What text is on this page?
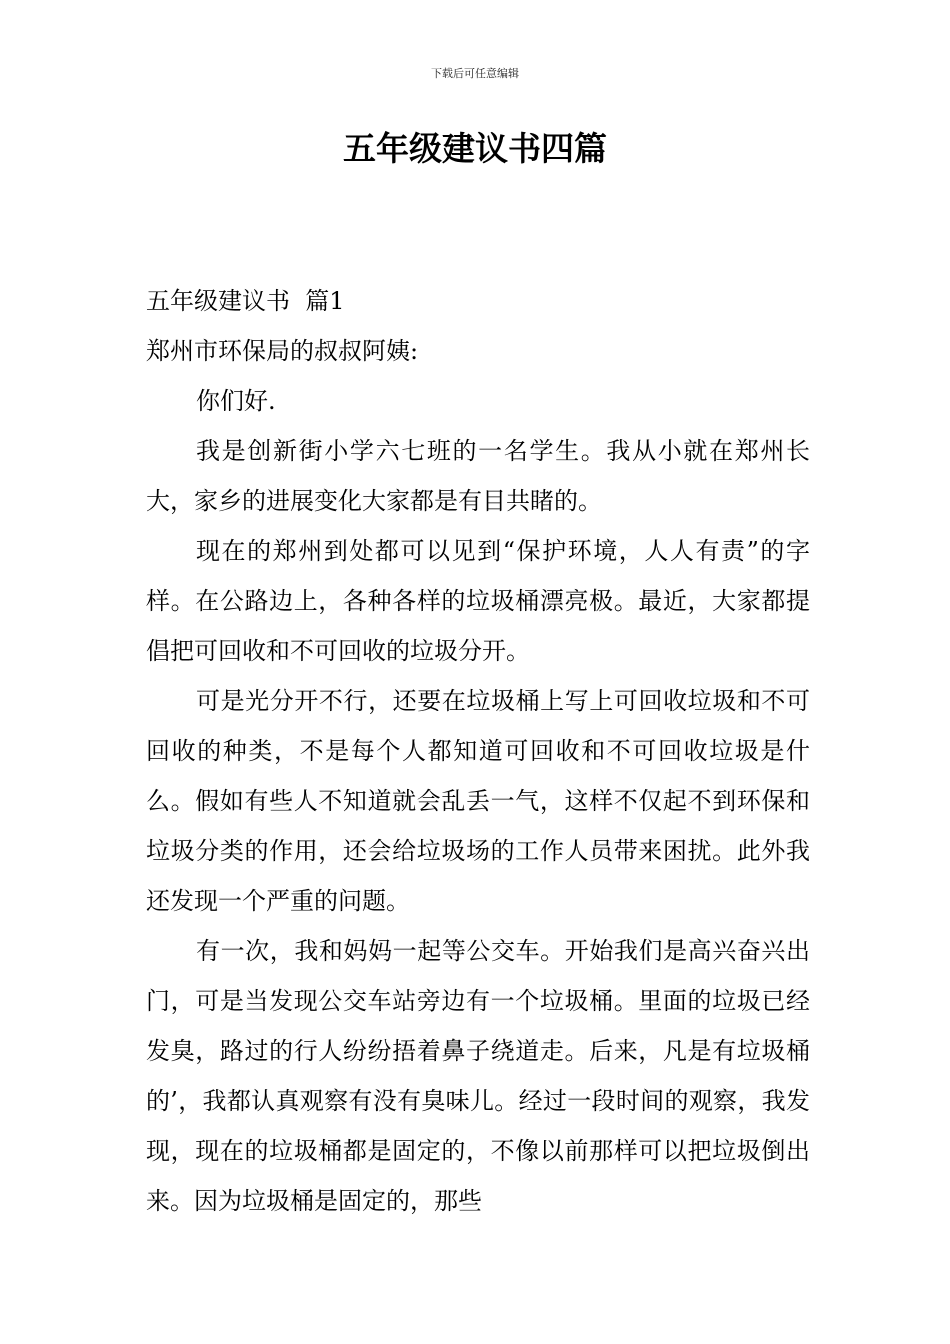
下载后可任意编辑
五年级建议书四篇

五年级建议书  篇1

郑州市环保局的叔叔阿姨:

你们好.

我是创新街小学六七班的一名学生。我从小就在郑州长大，家乡的进展变化大家都是有目共睹的。

现在的郑州到处都可以见到“保护环境，人人有责”的字样。在公路边上，各种各样的垃圾桶漂亮极。最近，大家都提倡把可回收和不可回收的垃圾分开。

可是光分开不行，还要在垃圾桶上写上可回收垃圾和不可回收的种类，不是每个人都知道可回收和不可回收垃圾是什么。假如有些人不知道就会乱丢一气，这样不仅起不到环保和垃圾分类的作用，还会给垃圾场的工作人员带来困扰。此外我还发现一个严重的问题。

有一次，我和妈妈一起等公交车。开始我们是高兴奋兴出门，可是当发现公交车站旁边有一个垃圾桶。里面的垃圾已经发臭，路过的行人纷纷捂着鼻子绕道走。后来，凡是有垃圾桶的’，我都认真观察有没有臭味儿。经过一段时间的观察，我发现，现在的垃圾桶都是固定的，不像以前那样可以把垃圾倒出来。因为垃圾桶是固定的，那些
